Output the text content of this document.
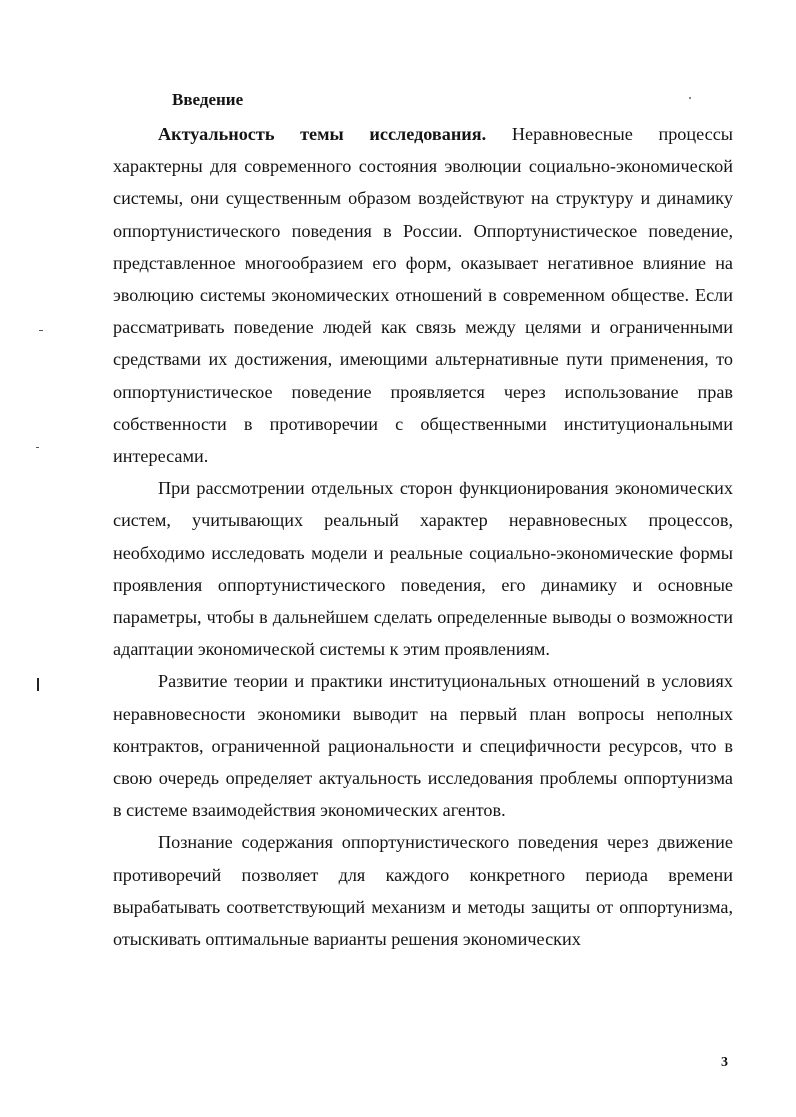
Введение

Актуальность темы исследования. Неравновесные процессы характерны для современного состояния эволюции социально-экономической системы, они существенным образом воздействуют на структуру и динамику оппортунистического поведения в России. Оппортунистическое поведение, представленное многообразием его форм, оказывает негативное влияние на эволюцию системы экономических отношений в современном обществе. Если рассматривать поведение людей как связь между целями и ограниченными средствами их достижения, имеющими альтернативные пути применения, то оппортунистическое поведение проявляется через использование прав собственности в противоречии с общественными институциональными интересами.

При рассмотрении отдельных сторон функционирования экономических систем, учитывающих реальный характер неравновесных процессов, необходимо исследовать модели и реальные социально-экономические формы проявления оппортунистического поведения, его динамику и основные параметры, чтобы в дальнейшем сделать определенные выводы о возможности адаптации экономической системы к этим проявлениям.

Развитие теории и практики институциональных отношений в условиях неравновесности экономики выводит на первый план вопросы неполных контрактов, ограниченной рациональности и специфичности ресурсов, что в свою очередь определяет актуальность исследования проблемы оппортунизма в системе взаимодействия экономических агентов.

Познание содержания оппортунистического поведения через движение противоречий позволяет для каждого конкретного периода времени вырабатывать соответствующий механизм и методы защиты от оппортунизма, отыскивать оптимальные варианты решения экономических

3
